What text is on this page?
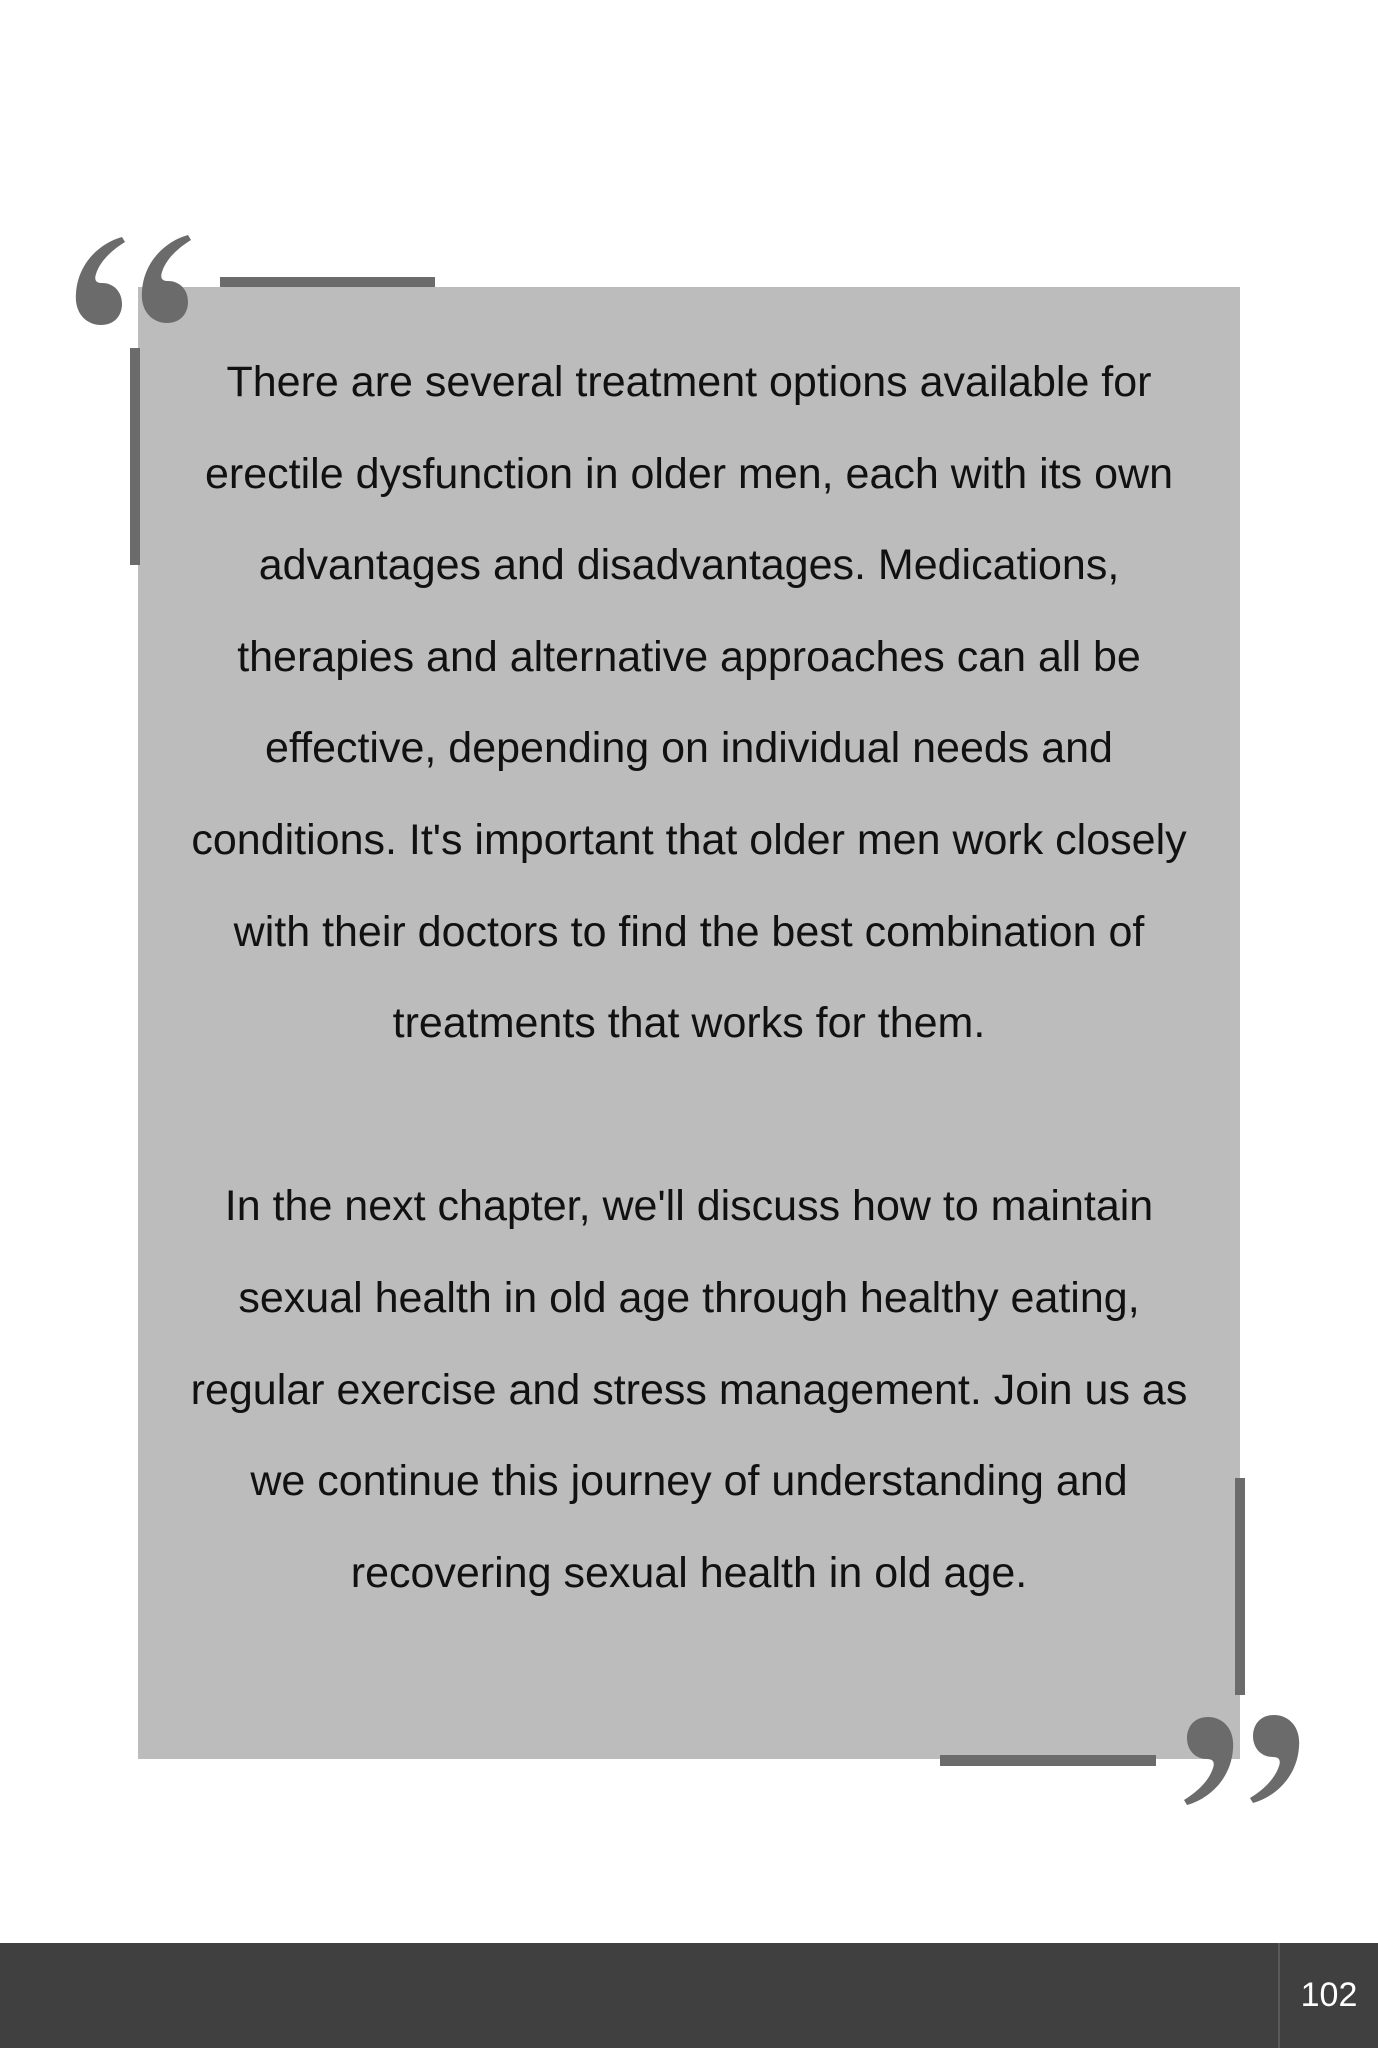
There are several treatment options available for erectile dysfunction in older men, each with its own advantages and disadvantages. Medications, therapies and alternative approaches can all be effective, depending on individual needs and conditions. It's important that older men work closely with their doctors to find the best combination of treatments that works for them.

In the next chapter, we'll discuss how to maintain sexual health in old age through healthy eating, regular exercise and stress management. Join us as we continue this journey of understanding and recovering sexual health in old age.

102
